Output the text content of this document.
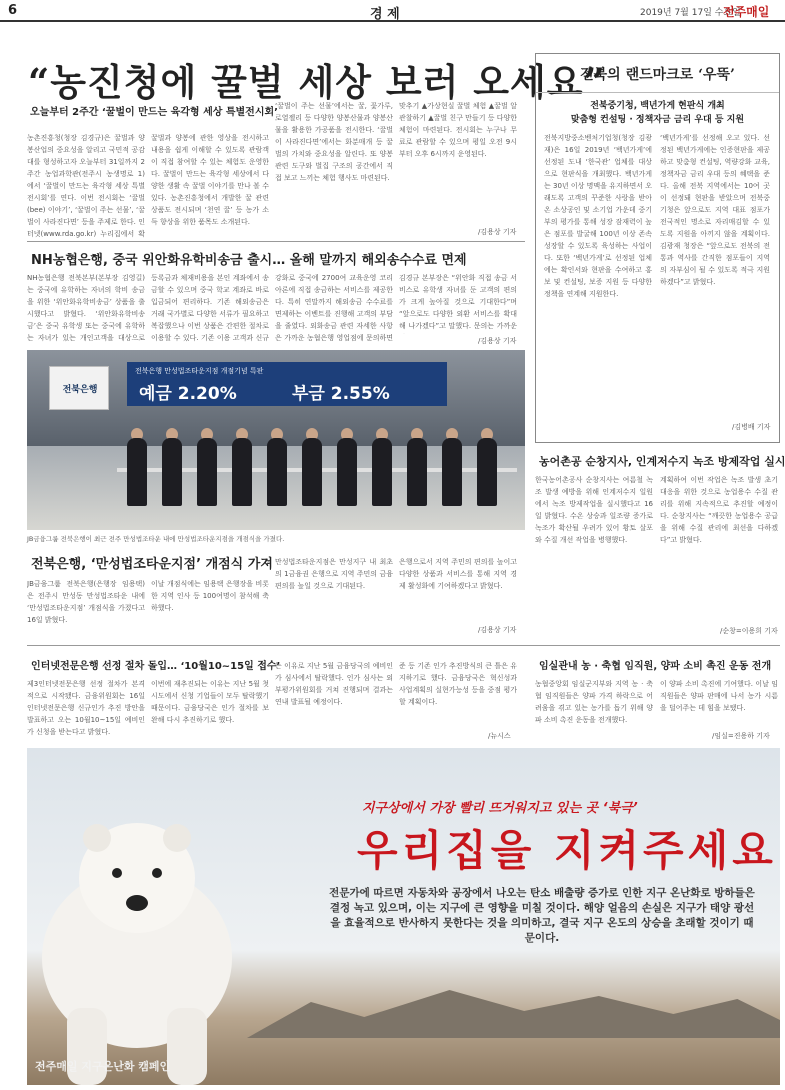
6	경 제	2019년 7월 17일 수요일
전주매일
“농진청에 꿀벌 세상 보러 오세요”
오늘부터 2주간 ‘꿀벌이 만드는 육각형 세상 특별전시회’
농촌진흥청(청장 김경규)은 꿀벌과 양봉산업의 중요성을 알리고 국민적 공감대를 형성하고자 오늘부터 31일까지 2주간 농업과학관(전주시 농생명로 1)에서 ‘꿀벌이 만드는 육각형 세상 특별전시회’를 연다. 이번 전시회는 ‘꿀벌(bee) 이야기’, ‘꿀벌이 주는 선물’, ‘꿀벌이 사라진다면’ 등을 주제로 한다. 인터넷(www.rda.go.kr) 누리집에서 확
꿀벌과 양봉에 관한 영상을 전시하고 내용을 쉽게 이해할 수 있도록 관람객이 직접 참여할 수 있는 체험도 운영한다. 꿀벌이 만드는 육각형 세상에서 다양한 생활 속 꿀벌 이야기를 만나 볼 수 있다. 농촌진흥청에서 개발한 꿀 관련 상품도 전시되며 ‘천연 꿀’ 등 농가 소득 향상을 위한 품목도 소개된다.
‘꿀벌이 주는 선물’에서는 꿀, 꽃가루, 로열젤리 등 다양한 양봉산물과 양봉산물을 활용한 가공품을 전시한다. ‘꿀벌이 사라진다면’에서는 화분매개 등 꿀벌의 가치와 중요성을 알린다. 또 양봉 관련 도구와 벌집 구조의 공간에서 직접 보고 느끼는 체험 행사도 마련된다.
맞추기 ▲가상현실 꿀벌 체험 ▲꿀벌 알 관찰하기 ▲꿀벌 친구 만들기 등 다양한 체험이 마련된다. 전시회는 누구나 무료로 관람할 수 있으며 평일 오전 9시부터 오후 6시까지 운영된다.
/김용상 기자
전북의 랜드마크로 ‘우뚝’
전북중기청, 백년가게 현판식 개최
맞춤형 컨설팅 · 정책자금 금리 우대 등 지원
전북지방중소벤처기업청(청장 김광재)은 16일 2019년 ‘백년가게’에 선정된 도내 ‘한국관’ 업체를 대상으로 현판식을 개최했다. 백년가게는 30년 이상 명맥을 유지하면서 오래도록 고객의 꾸준한 사랑을 받아온 소상공인 및 소기업 가운데 중기부의 평가를 통해 성장 잠재력이 높은 점포를 발굴해 100년 이상 존속 성장할 수 있도록 육성하는 사업이다. 또한 ‘백년가게’로 선정된 업체에는 확인서와 현판을 수여하고 홍보 및 컨설팅, 보증 지원 등 다양한 정책을 연계해 지원한다.
‘백년가게’를 선정해 오고 있다. 선정된 백년가게에는 인증현판을 제공하고 맞춤형 컨설팅, 역량강화 교육, 정책자금 금리 우대 등의 혜택을 준다. 올해 전북 지역에서는 10여 곳이 선정돼 현판을 받았으며 전북중기청은 앞으로도 지역 대표 점포가 전국적인 명소로 자리매김할 수 있도록 지원을 아끼지 않을 계획이다. 김광재 청장은 “앞으로도 전북의 전통과 역사를 간직한 점포들이 지역의 자부심이 될 수 있도록 적극 지원하겠다”고 밝혔다.
/김병배 기자
NH농협은행, 중국 위안화유학비송금 출시… 올해 말까지 해외송수수료 면제
NH농협은행 전북본부(본부장 김영길)는 중국에 유학하는 자녀의 학비 송금을 위한 ‘위안화유학비송금’ 상품을 출시했다고 밝혔다. ‘위안화유학비송금’은 중국 유학생 또는 중국에 유학하는 자녀가 있는 개인고객을 대상으로
등록금과 체재비용을 본인 계좌에서 송금할 수 있으며 중국 학교 계좌로 바로 입금되어 편리하다. 기존 해외송금은 거래 국가별로 다양한 서류가 필요하고 복잡했으나 이번 상품은 간편한 절차로 이용할 수 있다. 기존 이용 고객과 신규
강화로 중국에 2700여 교육운영 코리아론에 직접 송금하는 서비스를 제공한다. 특히 연말까지 해외송금 수수료를 면제하는 이벤트를 진행해 고객의 부담을 줄였다. 외화송금 관련 자세한 사항은 가까운 농협은행 영업점에 문의하면
김경규 본부장은 “위안화 직접 송금 서비스로 유학생 자녀를 둔 고객의 편의가 크게 높아질 것으로 기대한다”며 “앞으로도 다양한 외환 서비스를 확대해 나가겠다”고 말했다. 문의는 가까운
/김용상 기자
전북은행
전북은행 만성법조타운지점 개점기념 특판
예금 2.20%	부금 2.55%
JB금융그룹 전북은행이 최근 전주 만성법조타운 내에 만성법조타운지점을 개점식을 가졌다.
전북은행, ‘만성법조타운지점’ 개점식 가져
JB금융그룹 전북은행(은행장 임용택)은 전주시 만성동 만성법조타운 내에 ‘만성법조타운지점’ 개점식을 가졌다고 16일 밝혔다.
이날 개점식에는 임용택 은행장을 비롯한 지역 인사 등 100여명이 참석해 축하했다.
만성법조타운지점은 만성지구 내 최초의 1금융권 은행으로 지역 주민의 금융 편의를 높일 것으로 기대된다.
은행으로서 지역 주민의 편의를 높이고 다양한 상품과 서비스를 통해 지역 경제 활성화에 기여하겠다고 밝혔다.
/김용상 기자
농어촌공 순창지사, 인계저수지 녹조 방제작업 실시
한국농어촌공사 순창지사는 여름철 녹조 발생 예방을 위해 인계저수지 일원에서 녹조 방제작업을 실시했다고 16일 밝혔다. 수온 상승과 일조량 증가로 녹조가 확산될 우려가 있어 황토 살포와 수질 개선 작업을 병행했다.
계획하여 이번 작업은 녹조 발생 초기 대응을 위한 것으로 농업용수 수질 관리를 위해 지속적으로 추진할 예정이다. 순창지사는 “깨끗한 농업용수 공급을 위해 수질 관리에 최선을 다하겠다”고 밝혔다.
/순창=이용희 기자
인터넷전문은행 선정 절차 돌입… ‘10월10~15일 접수’
제3인터넷전문은행 선정 절차가 본격적으로 시작됐다. 금융위원회는 16일 인터넷전문은행 신규인가 추진 방안을 발표하고 오는 10월10~15일 예비인가 신청을 받는다고 밝혔다.
이번에 재추진되는 이유는 지난 5월 첫 시도에서 신청 기업들이 모두 탈락했기 때문이다. 금융당국은 인가 절차를 보완해 다시 추진하기로 했다.
는 이유로 지난 5월 금융당국의 예비인가 심사에서 탈락했다. 인가 심사는 외부평가위원회를 거쳐 진행되며 결과는 연내 발표될 예정이다.
준 등 기존 인가 추진방식의 큰 틀은 유지하기로 했다. 금융당국은 혁신성과 사업계획의 실현가능성 등을 중점 평가할 계획이다.
/뉴시스
임실관내 농 · 축협 임직원, 양파 소비 촉진 운동 전개
농협중앙회 임실군지부와 지역 농 · 축협 임직원들은 양파 가격 하락으로 어려움을 겪고 있는 농가를 돕기 위해 양파 소비 촉진 운동을 전개했다.
이 양파 소비 촉진에 기여했다. 이날 임직원들은 양파 판매에 나서 농가 시름을 덜어주는 데 힘을 보탰다.
/임실=진용하 기자
지구상에서 가장 빨리 뜨거워지고 있는 곳 ‘북극’
우리집을 지켜주세요
전문가에 따르면 자동차와 공장에서 나오는 탄소 배출량 증가로 인한 지구 온난화로 방하들은 결정 녹고 있으며, 이는 지구에 큰 영향을 미칠 것이다. 해양 얼음의 손실은 지구가 태양 광선을 효율적으로 반사하지 못한다는 것을 의미하고, 결국 지구 온도의 상승을 초래할 것이기 때문이다.
전주매일 지구온난화 캠페인
